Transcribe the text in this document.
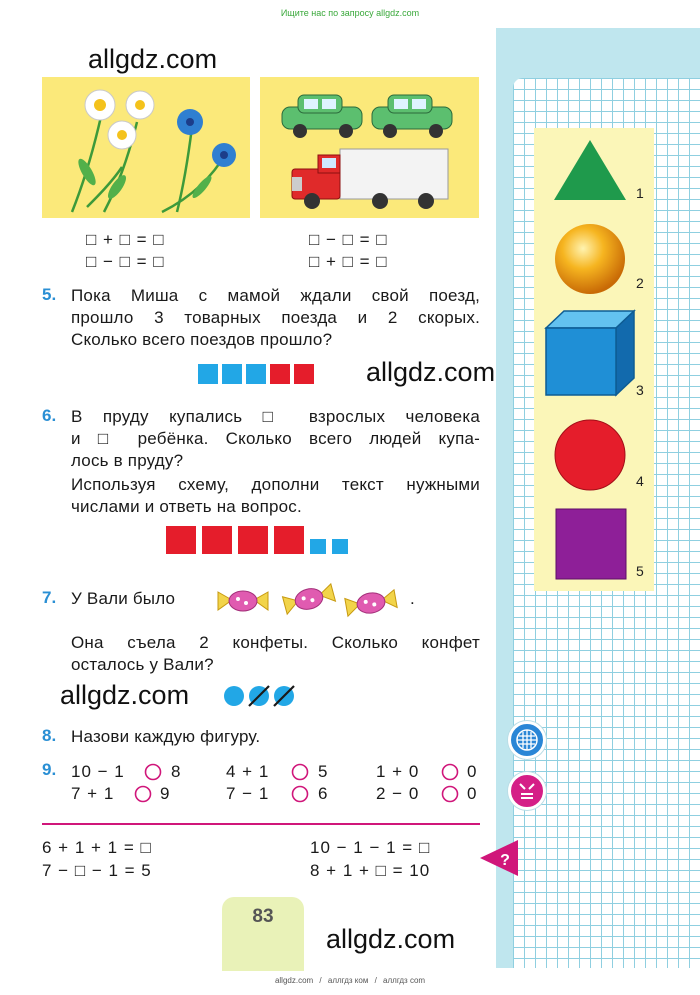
Ищите нас по запросу allgdz.com
allgdz.com / аллгдз ком / аллгдз com
1
2
3
4
5
?
allgdz.com
allgdz.com
allgdz.com
allgdz.com
□ + □ = □
□ − □ = □
□ − □ = □
□ + □ = □
5. Пока Миша с мамой ждали свой поезд,
прошло 3 товарных поезда и 2 скорых.
Сколько всего поездов прошло?
6. В пруду купались □ взрослых человека
и □ ребёнка. Сколько всего людей купа-
лось в пруду?
Используя схему, дополни текст нужными
числами и ответь на вопрос.
7. У Вали было	.
Она съела 2 конфеты. Сколько конфет
осталось у Вали?
8. Назови каждую фигуру.
9. 10 − 1	8	4 + 1	5	1 + 0	0
7 + 1	9	7 − 1	6	2 − 0	0
6 + 1 + 1 = □
7 − □ − 1 = 5
10 − 1 − 1 = □
8 + 1 + □ = 10
83
